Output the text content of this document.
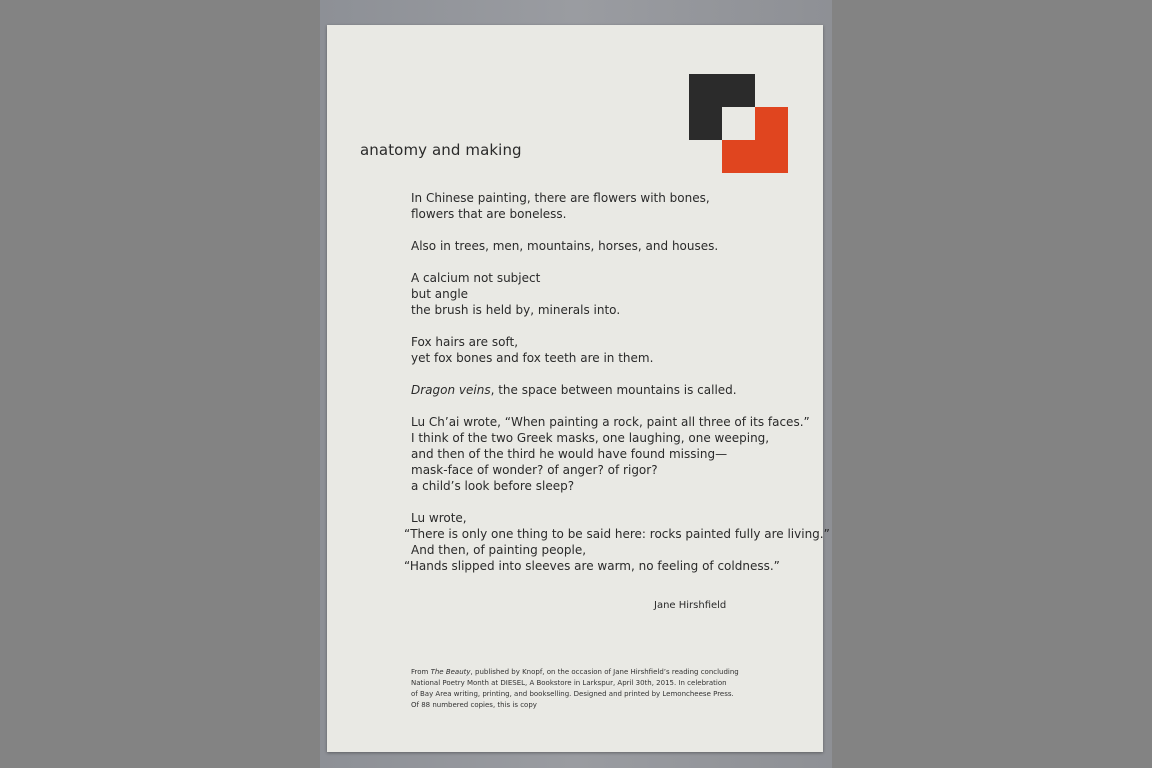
anatomy and making
In Chinese painting, there are flowers with bones,
flowers that are boneless.
Also in trees, men, mountains, horses, and houses.
A calcium not subject
but angle
the brush is held by, minerals into.
Fox hairs are soft,
yet fox bones and fox teeth are in them.
Dragon veins, the space between mountains is called.
Lu Ch’ai wrote, “When painting a rock, paint all three of its faces.”
I think of the two Greek masks, one laughing, one weeping,
and then of the third he would have found missing—
mask-face of wonder? of anger? of rigor?
a child’s look before sleep?
Lu wrote,
“There is only one thing to be said here: rocks painted fully are living.”
And then, of painting people,
“Hands slipped into sleeves are warm, no feeling of coldness.”
Jane Hirshfield
From The Beauty, published by Knopf, on the occasion of Jane Hirshfield’s reading concluding
National Poetry Month at DIESEL, A Bookstore in Larkspur, April 30th, 2015. In celebration
of Bay Area writing, printing, and bookselling. Designed and printed by Lemoncheese Press.
Of 88 numbered copies, this is copy
